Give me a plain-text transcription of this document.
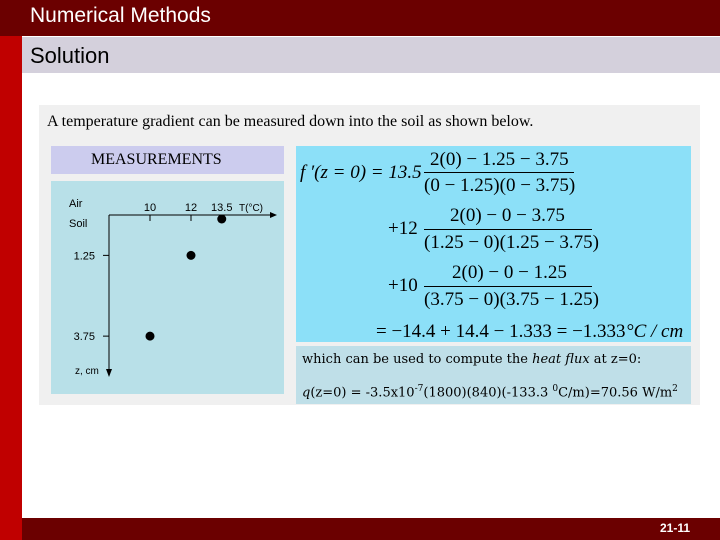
Numerical Methods
Solution
A temperature gradient can be measured down into the soil as shown below.
MEASUREMENTS
Air
Soil
10	12 13.5
1.25
3.75
T(°C)
z, cm
f ′(z = 0) = 13.5
2(0) − 1.25 − 3.75
(0 − 1.25)(0 − 3.75)
+12
2(0) − 0 − 3.75
(1.25 − 0)(1.25 − 3.75)
+10
2(0) − 0 − 1.25
(3.75 − 0)(3.75 − 1.25)
= −14.4 + 14.4 − 1.333 = −1.333 °C / cm
which can be used to compute the heat flux at z=0:
$q(z=0) = -3.5x10^{-7}(1800)(840)(-133.3$ $^0$C/m)=70.56 $W/m^2$
21-11
